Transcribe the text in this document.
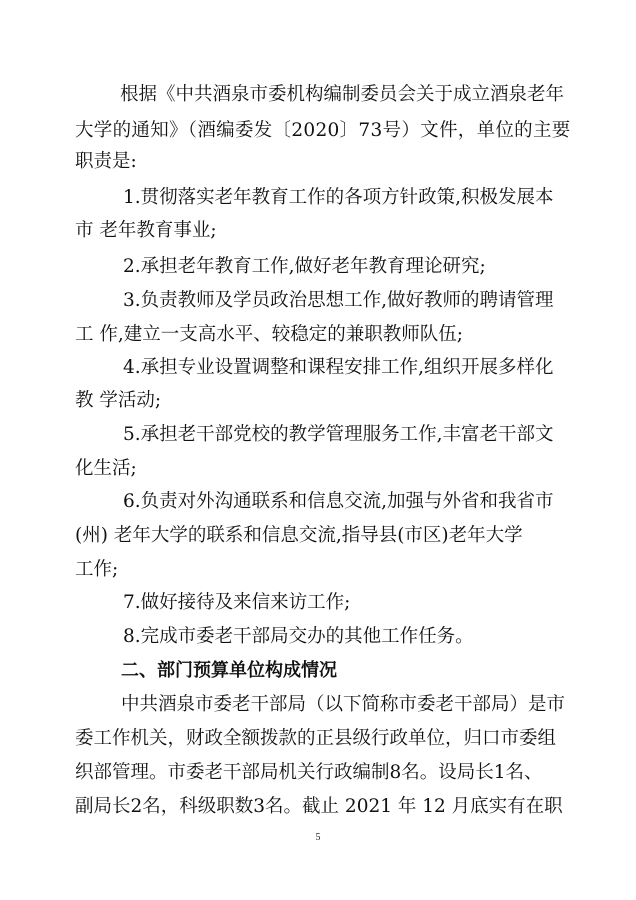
根据《中共酒泉市委机构编制委员会关于成立酒泉老年
大学的通知》（酒编委发〔2020〕73号）文件，单位的主要
职责是:
1.贯彻落实老年教育工作的各项方针政策,积极发展本
市 老年教育事业;
2.承担老年教育工作,做好老年教育理论研究;
3.负责教师及学员政治思想工作,做好教师的聘请管理
工 作,建立一支高水平、较稳定的兼职教师队伍;
4.承担专业设置调整和课程安排工作,组织开展多样化
教 学活动;
5.承担老干部党校的教学管理服务工作,丰富老干部文
化生活;
6.负责对外沟通联系和信息交流,加强与外省和我省市
(州) 老年大学的联系和信息交流,指导县(市区)老年大学
工作;
7.做好接待及来信来访工作;
8.完成市委老干部局交办的其他工作任务。
二、部门预算单位构成情况
中共酒泉市委老干部局（以下简称市委老干部局）是市
委工作机关，财政全额拨款的正县级行政单位，归口市委组
织部管理。市委老干部局机关行政编制8名。设局长1名、
副局长2名，科级职数3名。截止 2021 年 12 月底实有在职
5
